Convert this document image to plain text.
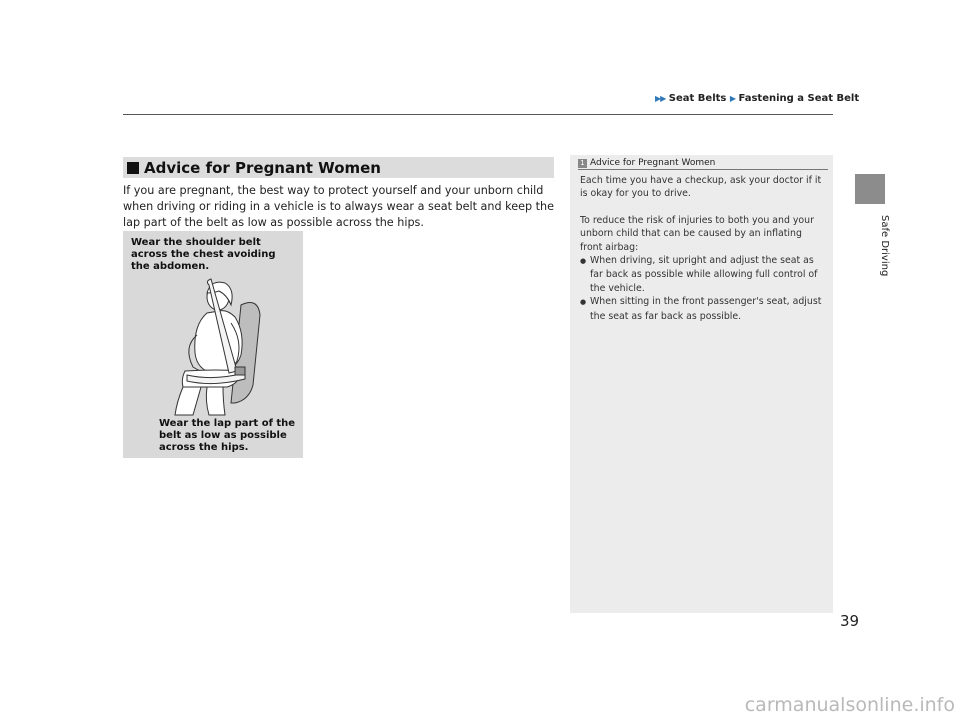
▶▶ Seat Belts ▶ Fastening a Seat Belt
Safe Driving
Advice for Pregnant Women
If you are pregnant, the best way to protect yourself and your unborn child when driving or riding in a vehicle is to always wear a seat belt and keep the lap part of the belt as low as possible across the hips.
Wear the shoulder belt
across the chest avoiding
the abdomen.
Wear the lap part of the
belt as low as possible
across the hips.
1 Advice for Pregnant Women

Each time you have a checkup, ask your doctor if it is okay for you to drive.

To reduce the risk of injuries to both you and your unborn child that can be caused by an inflating front airbag:

● When driving, sit upright and adjust the seat as far back as possible while allowing full control of the vehicle.
● When sitting in the front passenger's seat, adjust the seat as far back as possible.
39
carmanualsonline.info
